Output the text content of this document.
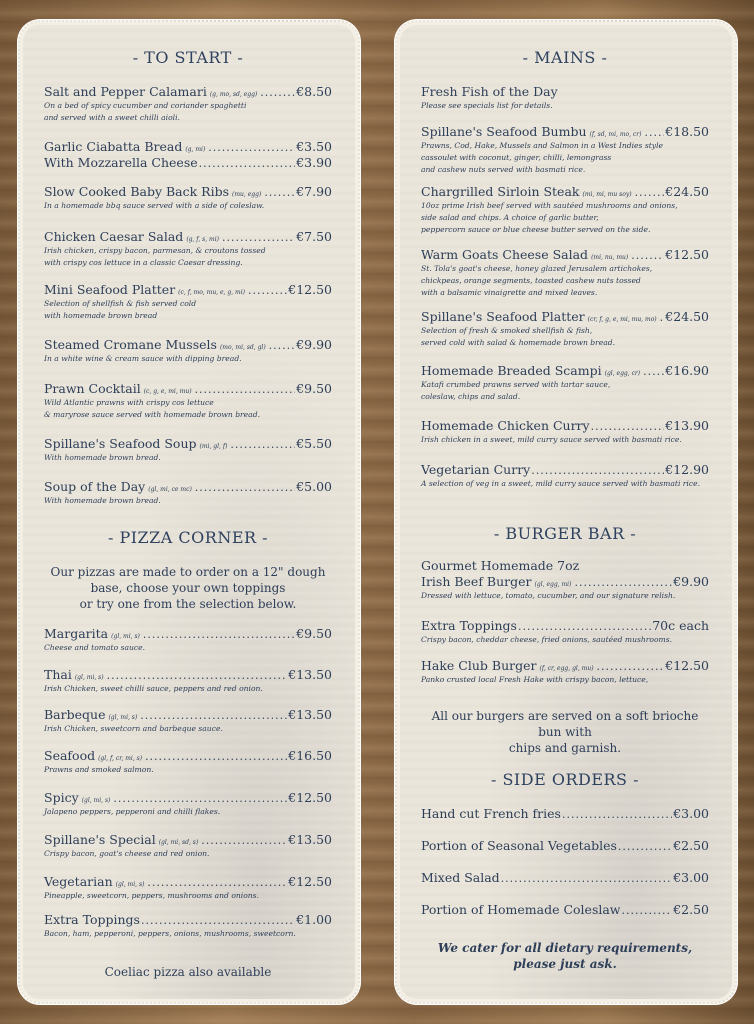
- TO START -
Salt and Pepper Calamari (g, mo, sd, egg) .....	€8.50
On a bed of spicy cucumber and coriander spaghetti
and served with a sweet chilli aioli.
Garlic Ciabatta Bread (g, mi) .....	€3.50
With Mozzarella Cheese .....	€3.90
Slow Cooked Baby Back Ribs (mu, egg) .....	€7.90
In a homemade bbq sauce served with a side of coleslaw.
Chicken Caesar Salad (g, f, s, mi) .....	€7.50
Irish chicken, crispy bacon, parmesan, & croutons tossed
with crispy cos lettuce in a classic Caesar dressing.
Mini Seafood Platter (c, f, mo, mu, e, g, mi) .....	€12.50
Selection of shellfish & fish served cold
with homemade brown bread
Steamed Cromane Mussels (mo, mi, sd, gl) ..... €9.90
In a white wine & cream sauce with dipping bread.
Prawn Cocktail (c, g, e, mi, mu) .....	€9.50
Wild Atlantic prawns with crispy cos lettuce
& maryrose sauce served with homemade brown bread.
Spillane's Seafood Soup (mi, gl, f) .....	€5.50
With homemade brown bread.
Soup of the Day (gl, mi, ce mc) .....	€5.00
With homemade brown bread.
- PIZZA CORNER -
Our pizzas are made to order on a 12" dough
base, choose your own toppings
or try one from the selection below.
Margarita (gl, mi, s) .....	€9.50
Cheese and tomato sauce.
Thai (gl, mi, s) .....	€13.50
Irish Chicken, sweet chilli sauce, peppers and red onion.
Barbeque (gl, mi, s) .....	€13.50
Irish Chicken, sweetcorn and barbeque sauce.
Seafood (gl, f, cr, mi, s) .....	€16.50
Prawns and smoked salmon.
Spicy (gl, mi, s) .....	€12.50
Jalapeno peppers, pepperoni and chilli flakes.
Spillane's Special (gl, mi, sd, s) .....	€13.50
Crispy bacon, goat's cheese and red onion.
Vegetarian (gl, mi, s) .....	€12.50
Pineapple, sweetcorn, peppers, mushrooms and onions.
Extra Toppings .....	€1.00
Bacon, ham, pepperoni, peppers, onions, mushrooms, sweetcorn.
Coeliac pizza also available
- MAINS -
Fresh Fish of the Day
Please see specials list for details.
Spillane's Seafood Bumbu (f, sd, mi, mo, cr) ..... €18.50
Prawns, Cod, Hake, Mussels and Salmon in a West Indies style
cassoulet with coconut, ginger, chilli, lemongrass
and cashew nuts served with basmati rice.
Chargrilled Sirloin Steak (mi, mi, mu soy) .....	€24.50
10oz prime Irish beef served with sautéed mushrooms and onions,
side salad and chips. A choice of garlic butter,
peppercorn sauce or blue cheese butter served on the side.
Warm Goats Cheese Salad (mi, nu, mu) .....	€12.50
St. Tola's goat's cheese, honey glazed Jerusalem artichokes,
chickpeas, orange segments, toasted cashew nuts tossed
with a balsamic vinaigrette and mixed leaves.
Spillane's Seafood Platter (cr, f, g, e, mi, mu, mo) ..... €24.50
Selection of fresh & smoked shellfish & fish,
served cold with salad & homemade brown bread.
Homemade Breaded Scampi (gl, egg, cr) ..... €16.90
Katafi crumbed prawns served with tartar sauce,
coleslaw, chips and salad.
Homemade Chicken Curry .....	€13.90
Irish chicken in a sweet, mild curry sauce served with basmati rice.
Vegetarian Curry .....	€12.90
A selection of veg in a sweet, mild curry sauce served with basmati rice.
- BURGER BAR -
Gourmet Homemade 7oz
Irish Beef Burger (gl, egg, mi) .....	€9.90
Dressed with lettuce, tomato, cucumber, and our signature relish.
Extra Toppings .....	70c each
Crispy bacon, cheddar cheese, fried onions, sautéed mushrooms.
Hake Club Burger (f, cr, egg, gl, mu) .....	€12.50
Panko crusted local Fresh Hake with crispy bacon, lettuce,
All our burgers are served on a soft brioche bun with
chips and garnish.
- SIDE ORDERS -
Hand cut French fries .....	€3.00
Portion of Seasonal Vegetables .....	€2.50
Mixed Salad .....	€3.00
Portion of Homemade Coleslaw .....	€2.50
We cater for all dietary requirements,
please just ask.
